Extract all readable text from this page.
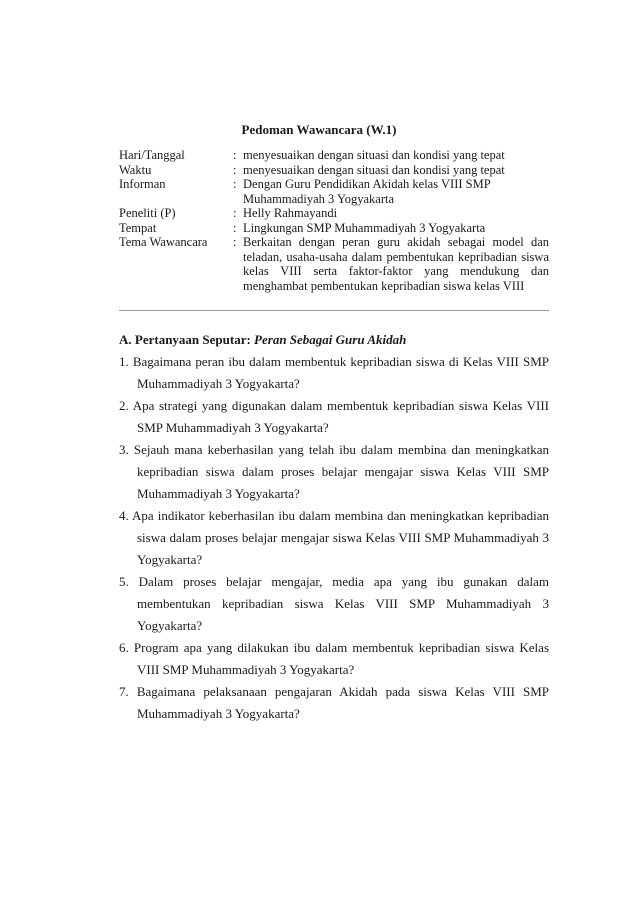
Pedoman Wawancara (W.1)
Hari/Tanggal	: menyesuaikan dengan situasi dan kondisi yang tepat
Waktu	: menyesuaikan dengan situasi dan kondisi yang tepat
Informan	: Dengan Guru Pendidikan Akidah kelas VIII SMP Muhammadiyah 3 Yogyakarta
Peneliti (P)	: Helly Rahmayandi
Tempat	: Lingkungan SMP Muhammadiyah 3 Yogyakarta
Tema Wawancara	: Berkaitan dengan peran guru akidah sebagai model dan teladan, usaha-usaha dalam pembentukan kepribadian siswa kelas VIII serta faktor-faktor yang mendukung dan menghambat pembentukan kepribadian siswa kelas VIII
A. Pertanyaan Seputar: Peran Sebagai Guru Akidah
1. Bagaimana peran ibu dalam membentuk kepribadian siswa di Kelas VIII SMP Muhammadiyah 3 Yogyakarta?
2. Apa strategi yang digunakan dalam membentuk kepribadian siswa Kelas VIII SMP Muhammadiyah 3 Yogyakarta?
3. Sejauh mana keberhasilan yang telah ibu dalam membina dan meningkatkan kepribadian siswa dalam proses belajar mengajar siswa Kelas VIII SMP Muhammadiyah 3 Yogyakarta?
4. Apa indikator keberhasilan ibu dalam membina dan meningkatkan kepribadian siswa dalam proses belajar mengajar siswa Kelas VIII SMP Muhammadiyah 3 Yogyakarta?
5. Dalam proses belajar mengajar, media apa yang ibu gunakan dalam membentukan kepribadian siswa Kelas VIII SMP Muhammadiyah 3 Yogyakarta?
6. Program apa yang dilakukan ibu dalam membentuk kepribadian siswa Kelas VIII SMP Muhammadiyah 3 Yogyakarta?
7. Bagaimana pelaksanaan pengajaran Akidah pada siswa Kelas VIII SMP Muhammadiyah 3 Yogyakarta?
